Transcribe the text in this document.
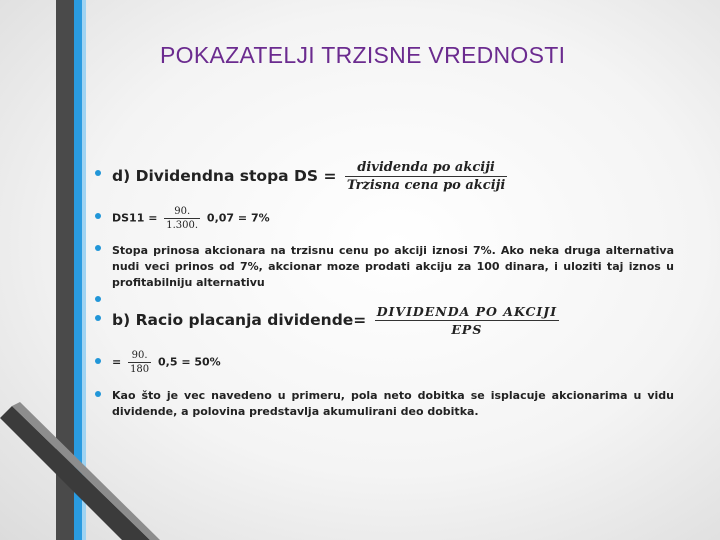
POKAZATELJI TRZISNE VREDNOSTI
d) Dividendna stopa DS = $\frac{\text{dividenda po akciji}}{\text{Trzisna cena po akciji}}$
$DS11 = \frac{90.}{1.300.} 0,07 = 7\%$
Stopa prinosa akcionara na trzisnu cenu po akciji iznosi 7%. Ako neka druga alternativa nudi veci prinos od 7%, akcionar moze prodati akciju za 100 dinara, i uloziti taj iznos u profitabilniju alternativu
b) Racio placanja dividende= $\frac{\text{DIVIDENDA PO AKCIJI}}{\text{EPS}}$
= $\frac{90.}{180} 0,5 = 50\%$
Kao što je vec navedeno u primeru, pola neto dobitka se isplacuje akcionarima u vidu dividende, a polovina predstavlja akumulirani deo dobitka.
